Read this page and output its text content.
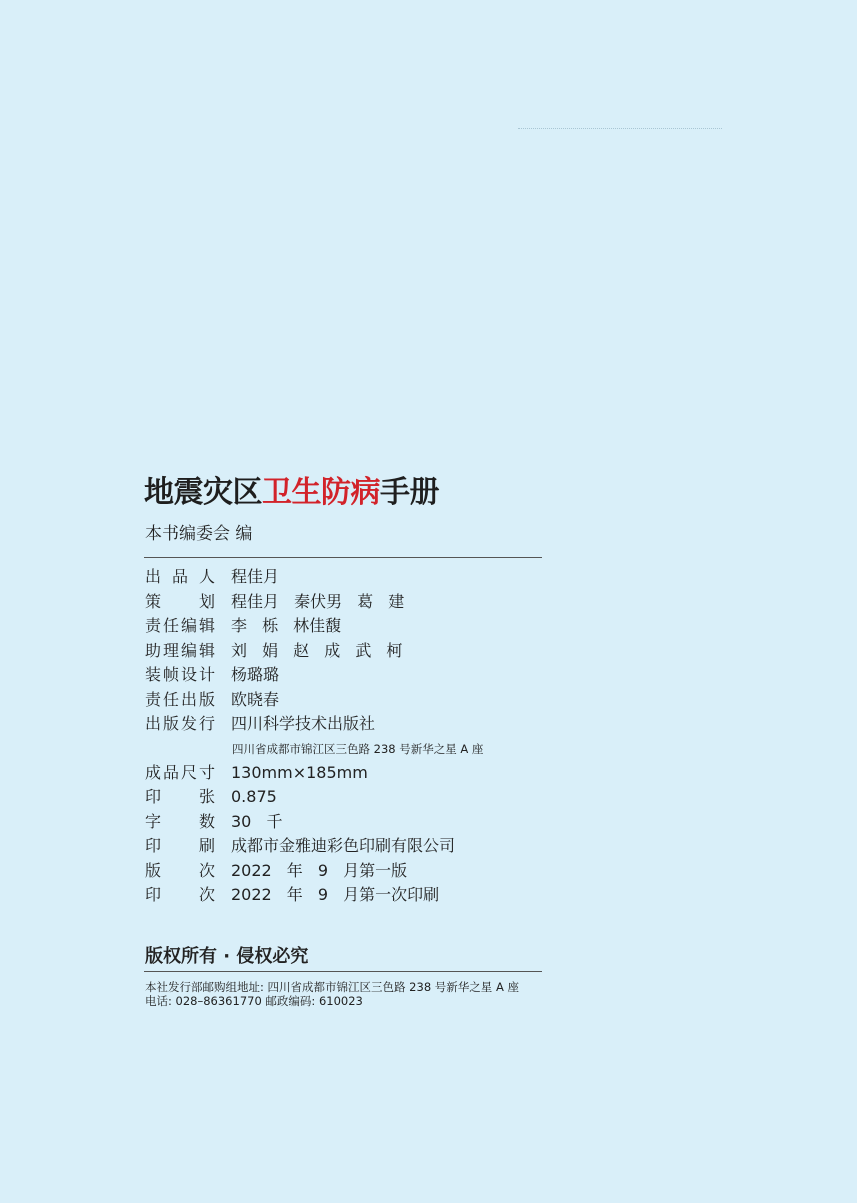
地震灾区卫生防病手册
本书编委会 编
出品人 程佳月
策划 程佳月 秦伏男 葛 建
责任编辑 李 栎 林佳馥
助理编辑 刘 娟 赵 成 武 柯
装帧设计 杨璐璐
责任出版 欧晓春
出版发行 四川科学技术出版社
四川省成都市锦江区三色路 238 号新华之星 A 座
成品尺寸 130mm×185mm
印张 0.875
字数 30 千
印刷 成都市金雅迪彩色印刷有限公司
版次 2022 年 9 月第一版
印次 2022 年 9 月第一次印刷
版权所有 · 侵权必究
本社发行部邮购组地址: 四川省成都市锦江区三色路 238 号新华之星 A 座
电话: 028–86361770 邮政编码: 610023
